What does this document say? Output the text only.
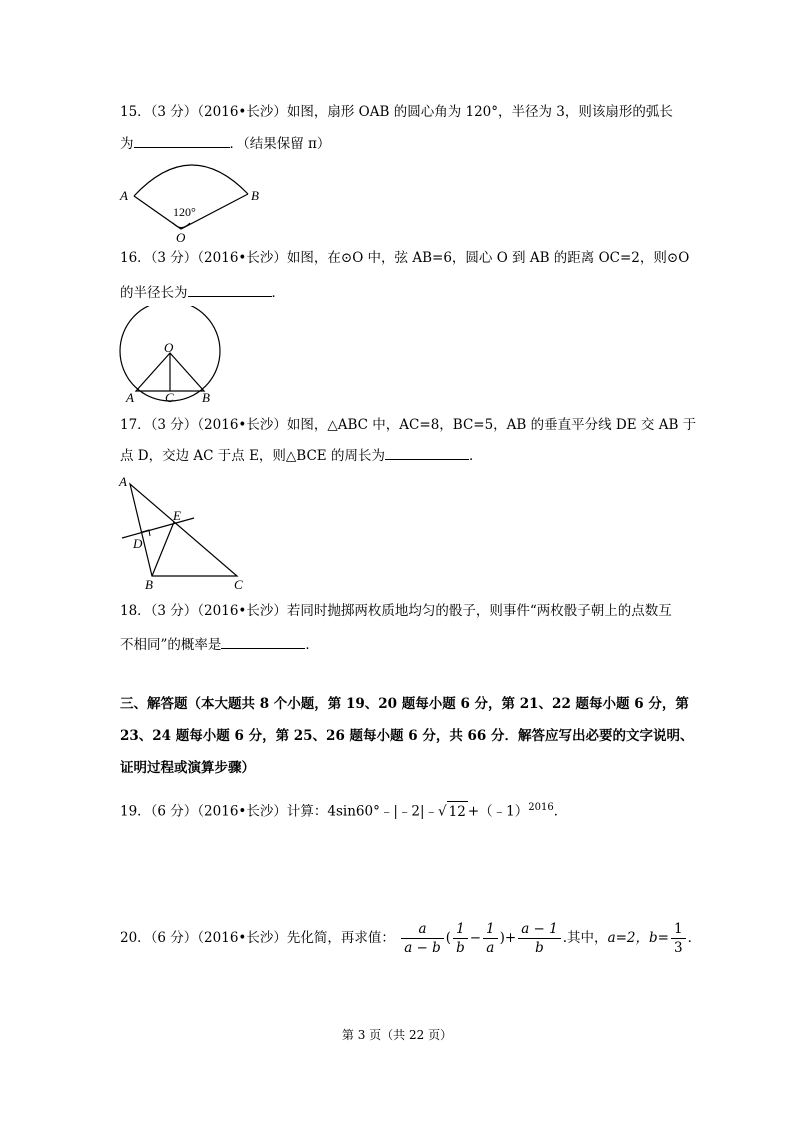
15．（3 分）（2016•长沙）如图，扇形 OAB 的圆心角为 120°，半径为 3，则该扇形的弧长
为	．（结果保留 π）
A	B
O
120°
16．（3 分）（2016•长沙）如图，在⊙O 中，弦 AB=6，圆心 O 到 AB 的距离 OC=2，则⊙O
的半径长为	．
O
A C B
17．（3 分）（2016•长沙）如图，△ABC 中，AC=8，BC=5，AB 的垂直平分线 DE 交 AB 于
点 D，交边 AC 于点 E，则△BCE 的周长为	．
A
E
D
B	C
18．（3 分）（2016•长沙）若同时抛掷两枚质地均匀的骰子，则事件“两枚骰子朝上的点数互
不相同”的概率是	．
三、解答题（本大题共 8 个小题，第 19、20 题每小题 6 分，第 21、22 题每小题 6 分，第
23、24 题每小题 6 分，第 25、26 题每小题 6 分，共 66 分．解答应写出必要的文字说明、
证明过程或演算步骤）
19．（6 分）（2016•长沙）计算：4sin60°﹣|﹣2|﹣√ 12 +（﹣1）$^{2016}$．
20．（6 分）（2016•长沙）先化简，再求值： $\frac{a}{a - b}$ ( $\frac{1}{b} - \frac{1}{a}$ )+ $\frac{a - 1}{b}$ .其中，a=2，$b= \frac{1}{3}$ ．
第 3 页（共 22 页）
